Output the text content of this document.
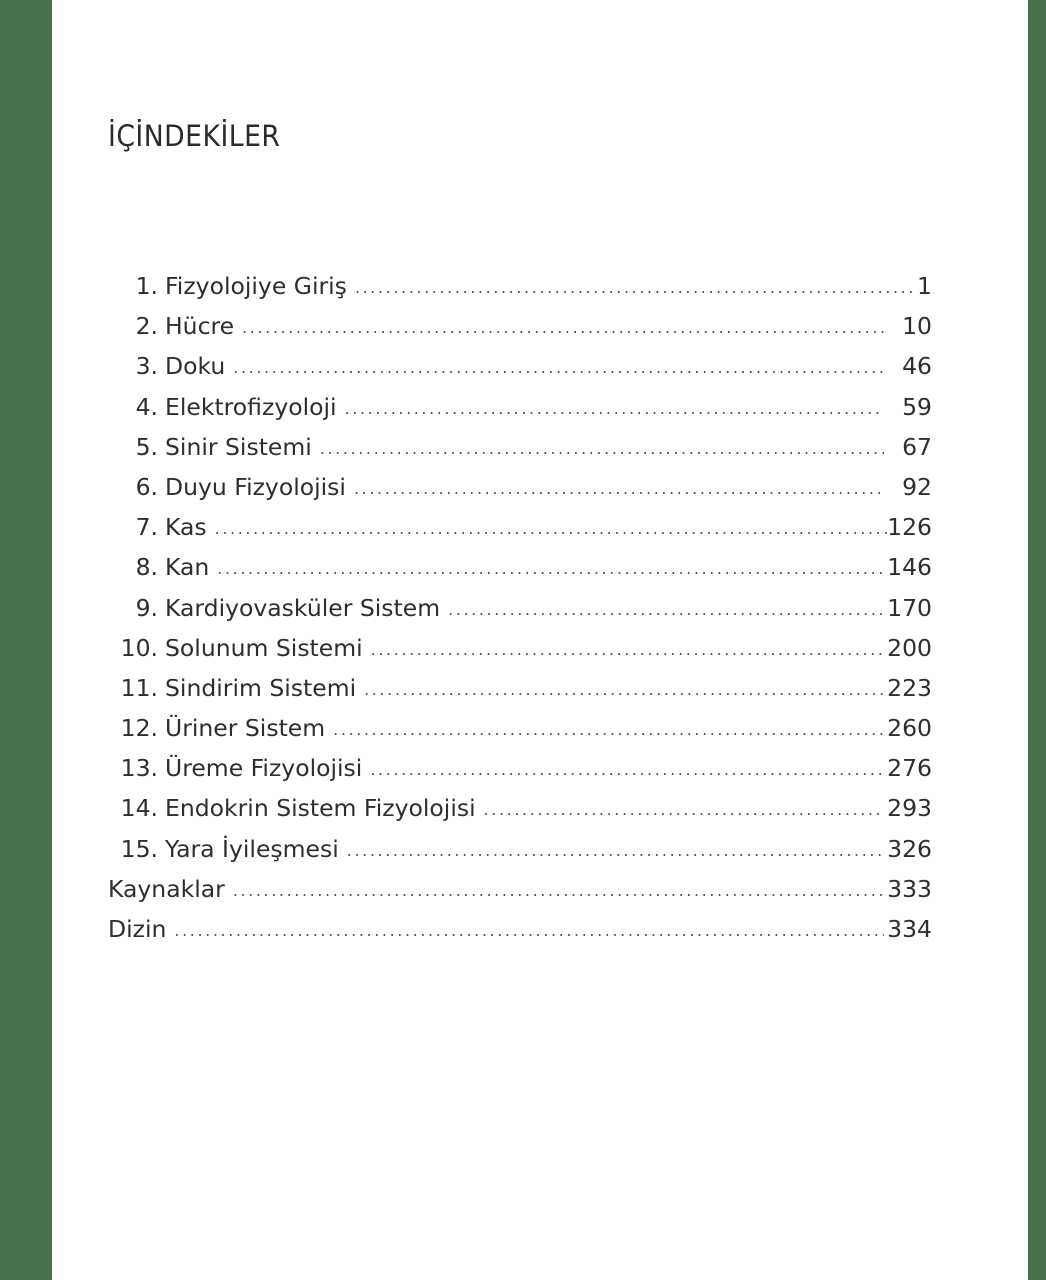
İÇİNDEKİLER
1. Fizyolojiye Giriş .....	1
2. Hücre .....	10
3. Doku .....	46
4. Elektrofizyoloji .....	59
5. Sinir Sistemi .....	67
6. Duyu Fizyolojisi .....	92
7. Kas .....	126
8. Kan .....	146
9. Kardiyovasküler Sistem .....	170
10. Solunum Sistemi .....	200
11. Sindirim Sistemi .....	223
12. Üriner Sistem .....	260
13. Üreme Fizyolojisi .....	276
14. Endokrin Sistem Fizyolojisi .....	293
15. Yara İyileşmesi .....	326
Kaynaklar .....	333
Dizin .....	334
